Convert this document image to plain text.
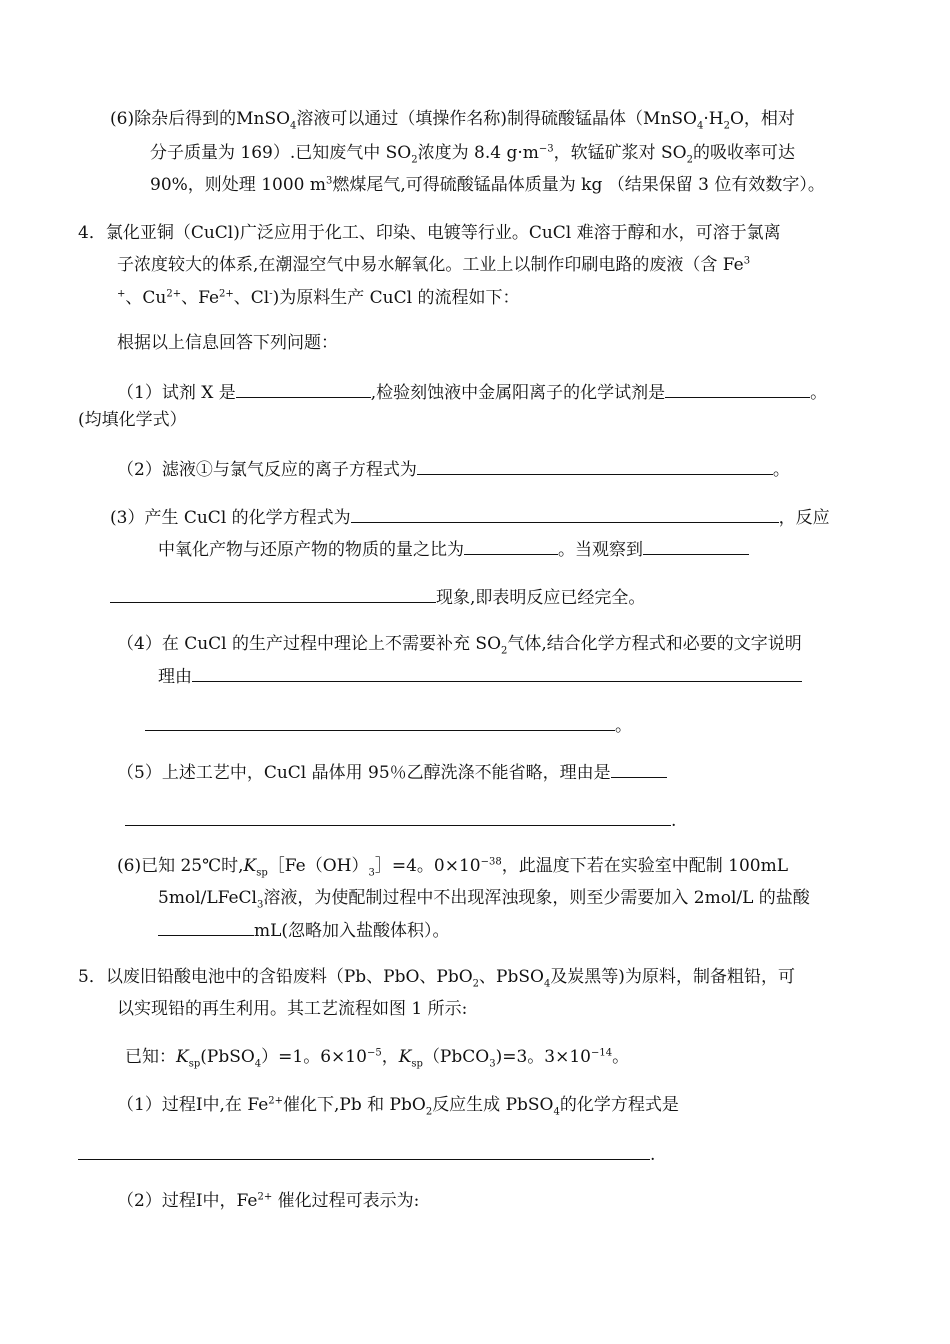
(6)除杂后得到的MnSO$_4$溶液可以通过（填操作名称)制得硫酸锰晶体（$MnSO_4\cdot H_2O$，相对
分子质量为 169）.已知废气中 $SO_2$浓度为 8.4 $g\cdot m^{-3}$，软锰矿浆对 $SO_2$的吸收率可达
90%，则处理 1000 $m^3$燃煤尾气,可得硫酸锰晶体质量为 kg （结果保留 3 位有效数字）。
4．氯化亚铜（CuCl)广泛应用于化工、印染、电镀等行业。CuCl 难溶于醇和水，可溶于氯离
子浓度较大的体系,在潮湿空气中易水解氧化。工业上以制作印刷电路的废液（含 Fe$^3$
+、$Cu^{2+}$、$Fe^{2+}$、Cl-)为原料生产 CuCl 的流程如下：
根据以上信息回答下列问题：
（1）试剂 X 是	,检验刻蚀液中金属阳离子的化学试剂是	。
(均填化学式）
（2）滤液①与氯气反应的离子方程式为	。
(3）产生 CuCl 的化学方程式为	，反应
中氧化产物与还原产物的物质的量之比为	。当观察到
现象,即表明反应已经完全。
（4）在 CuCl 的生产过程中理论上不需要补充 $SO_2$气体,结合化学方程式和必要的文字说明
理由
。
（5）上述工艺中，CuCl 晶体用 95％乙醇洗涤不能省略，理由是
.
(6)已知 25℃时$,K_{sp}[Fe(OH)_3]=4$。$0\times 10^{-38}$，此温度下若在实验室中配制 100mL
5mol/LFeCl$_3$溶液，为使配制过程中不出现浑浊现象，则至少需要加入 2mol/L 的盐酸
mL(忽略加入盐酸体积）。
5．以废旧铅酸电池中的含铅废料（Pb、PbO、PbO$_2$、PbSO$_4$及炭黑等)为原料，制备粗铅，可
以实现铅的再生利用。其工艺流程如图 1 所示:
已知：$K_{sp}(PbSO_4)=1$。$6\times 10^{-5}$，$K_{sp}(PbCO_3)=3$。$3\times 10^{-14}$。
（1）过程Ⅰ中,在 $Fe^{2+}$催化下,Pb 和 PbO$_2$反应生成 PbSO$_4$的化学方程式是
.
（2）过程Ⅰ中，$Fe^{2+}$ 催化过程可表示为:
